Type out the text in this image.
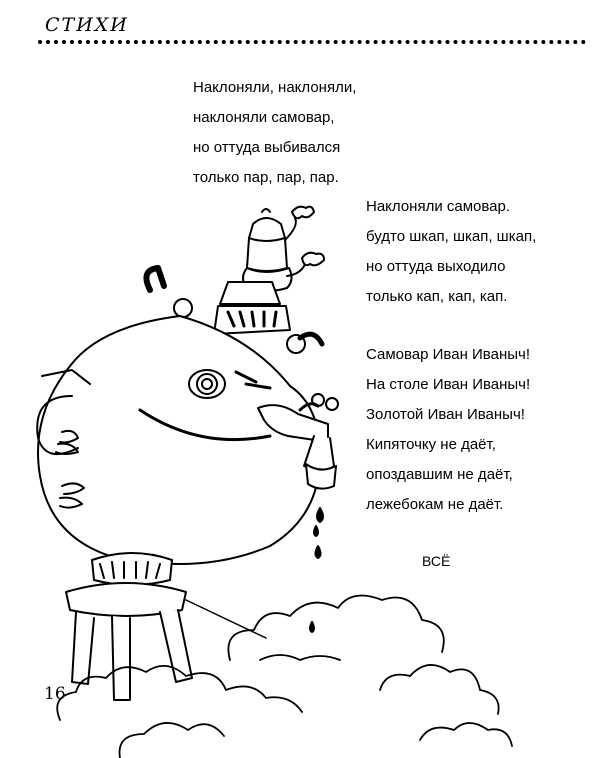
СТИХИ
Наклоняли, наклоняли,
наклоняли самовар,
но оттуда выбивался
только пар, пар, пар.
Наклоняли самовар.
будто шкап, шкап, шкап,
но оттуда выходило
только кап, кап, кап.
Самовар Иван Иваныч!
На столе Иван Иваныч!
Золотой Иван Иваныч!
Кипяточку не даёт,
опоздавшим не даёт,
лежебокам не даёт.
ВСЁ
16
